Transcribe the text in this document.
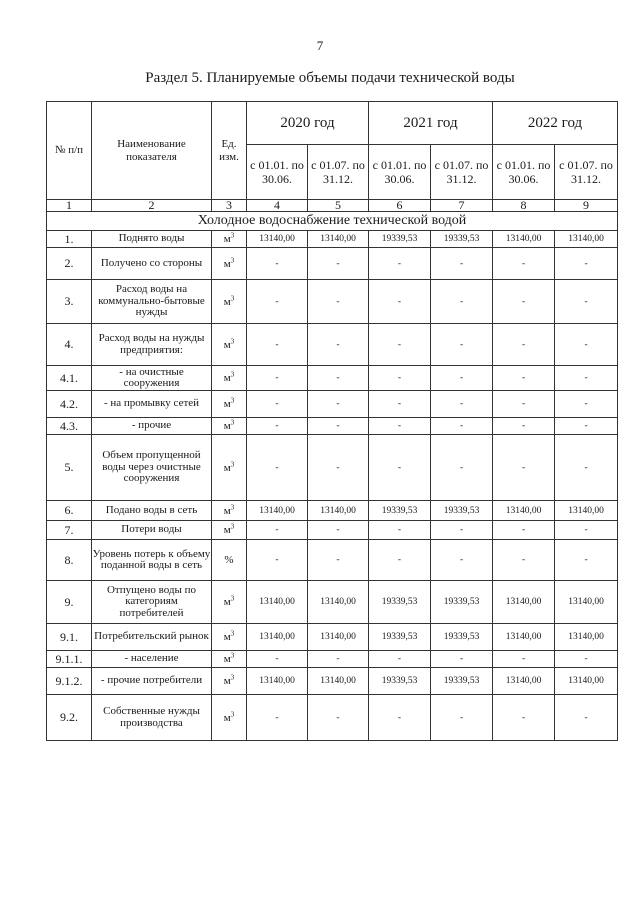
7
Раздел 5. Планируемые объемы подачи технической воды
№ п/п	Наименование показателя	Ед. изм.	2020 год		2021 год		2022 год	
			с 01.01. по 30.06.	с 01.07. по 31.12.	с 01.01. по 30.06.	с 01.07. по 31.12.	с 01.01. по 30.06.	с 01.07. по 31.12.
1	2	3	4	5	6	7	8	9
Холодное водоснабжение технической водой								
1.	Поднято воды	$м^3$	13140,00	13140,00	19339,53	19339,53	13140,00	13140,00
2.	Получено со стороны	$м^3$	-	-	-	-	-	-
3.	Расход воды на коммунально-бытовые нужды	$м^3$	-	-	-	-	-	-
4.	Расход воды на нужды предприятия:	$м^3$	-	-	-	-	-	-
4.1.	- на очистные сооружения	$м^3$	-	-	-	-	-	-
4.2.	- на промывку сетей	$м^3$	-	-	-	-	-	-
4.3.	- прочие	$м^3$	-	-	-	-	-	-
5.	Объем пропущенной воды через очистные сооружения	$м^3$	-	-	-	-	-	-
6.	Подано воды в сеть	$м^3$	13140,00	13140,00	19339,53	19339,53	13140,00	13140,00
7.	Потери воды	$м^3$	-	-	-	-	-	-
8.	Уровень потерь к объему поданной воды в сеть	%	-	-	-	-	-	-
9.	Отпущено воды по категориям потребителей	$м^3$	13140,00	13140,00	19339,53	19339,53	13140,00	13140,00
9.1.	Потребительский рынок	$м^3$	13140,00	13140,00	19339,53	19339,53	13140,00	13140,00
9.1.1.	- население	$м^3$	-	-	-	-	-	-
9.1.2.	- прочие потребители	$м^3$	13140,00	13140,00	19339,53	19339,53	13140,00	13140,00
9.2.	Собственные нужды производства	$м^3$	-	-	-	-	-	-
